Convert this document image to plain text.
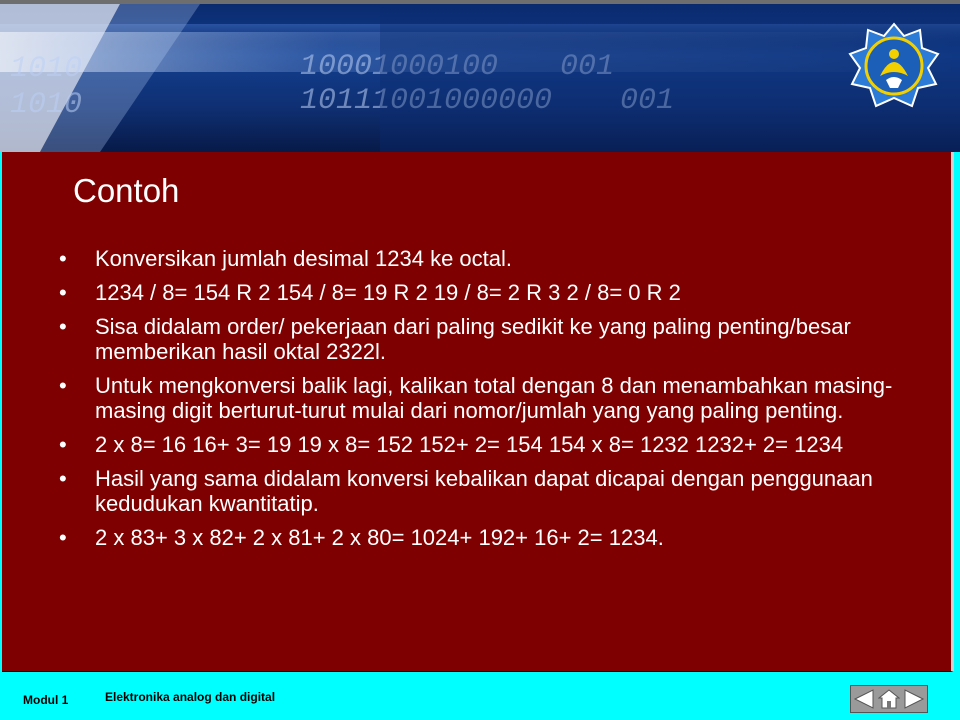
1010
1010
10001000100
10111001000000
001
001
Contoh
• Konversikan jumlah desimal 1234 ke octal.
• 1234 / 8= 154 R 2 154 / 8= 19 R 2 19 / 8= 2 R 3 2 / 8= 0 R 2
• Sisa didalam order/ pekerjaan dari paling sedikit ke yang paling penting/besar memberikan hasil oktal 2322l.
• Untuk mengkonversi balik lagi, kalikan total dengan 8 dan menambahkan masing-masing digit berturut-turut mulai dari nomor/jumlah yang yang paling penting.
• 2 x 8= 16 16+ 3= 19 19 x 8= 152 152+ 2= 154 154 x 8= 1232 1232+ 2= 1234
• Hasil yang sama didalam konversi kebalikan dapat dicapai dengan penggunaan kedudukan kwantitatip.
• 2 x 83+ 3 x 82+ 2 x 81+ 2 x 80= 1024+ 192+ 16+ 2= 1234.
Modul 1	Elektronika analog dan digital
